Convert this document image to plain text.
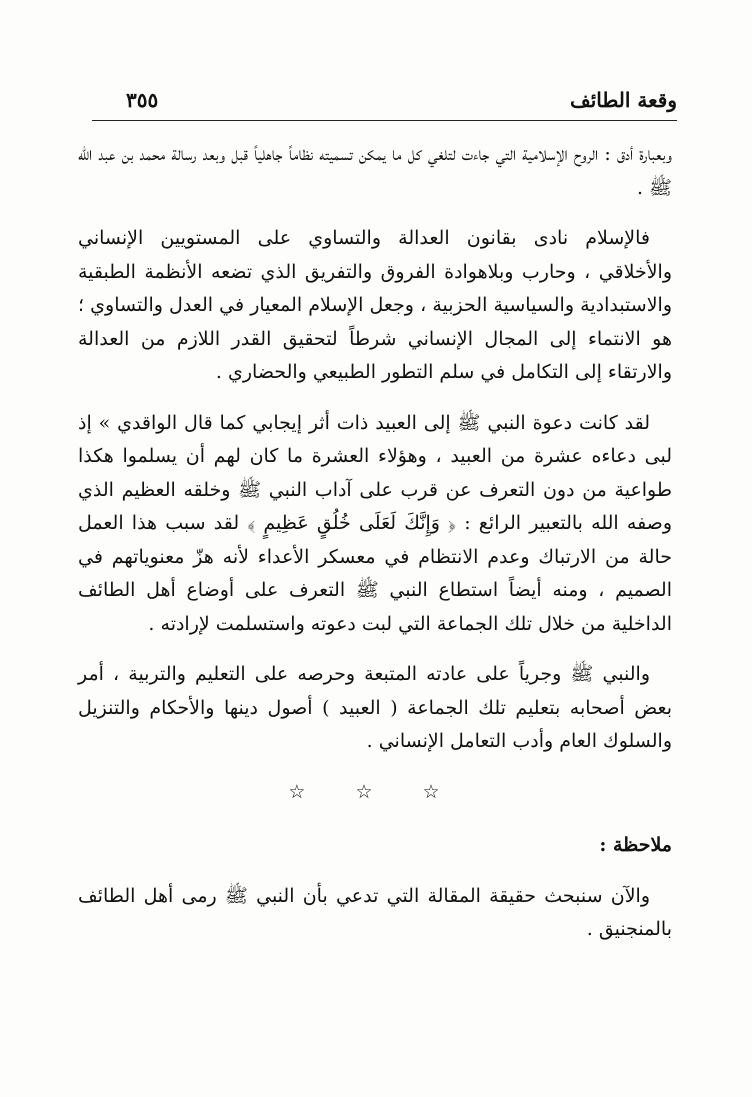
وقعة الطائف
٣٥٥

وبعبارة أدق : الروح الإسلامية التي جاءت لتلغي كل ما يمكن تسميته نظاماً جاهلياً قبل وبعد رسالة محمد بن عبد الله ﷺ .

فالإسلام نادى بقانون العدالة والتساوي على المستويين الإنساني والأخلاقي ، وحارب وبلاهوادة الفروق والتفريق الذي تضعه الأنظمة الطبقية والاستبدادية والسياسية الحزبية ، وجعل الإسلام المعيار في العدل والتساوي ؛ هو الانتماء إلى المجال الإنساني شرطاً لتحقيق القدر اللازم من العدالة والارتقاء إلى التكامل في سلم التطور الطبيعي والحضاري .

لقد كانت دعوة النبي ﷺ إلى العبيد ذات أثر إيجابي كما قال الواقدي » إذ لبى دعاءه عشرة من العبيد ، وهؤلاء العشرة ما كان لهم أن يسلموا هكذا طواعية من دون التعرف عن قرب على آداب النبي ﷺ وخلقه العظيم الذي وصفه الله بالتعبير الرائع : ﴿ وَإِنَّكَ لَعَلَى خُلُقٍ عَظِيمٍ ﴾ لقد سبب هذا العمل حالة من الارتباك وعدم الانتظام في معسكر الأعداء لأنه هزّ معنوياتهم في الصميم ، ومنه أيضاً استطاع النبي ﷺ التعرف على أوضاع أهل الطائف الداخلية من خلال تلك الجماعة التي لبت دعوته واستسلمت لإرادته .

والنبي ﷺ وجرياً على عادته المتبعة وحرصه على التعليم والتربية ، أمر بعض أصحابه بتعليم تلك الجماعة ( العبيد ) أصول دينها والأحكام والتنزيل والسلوك العام وأدب التعامل الإنساني .

☆ ☆ ☆

ملاحظة :

والآن سنبحث حقيقة المقالة التي تدعي بأن النبي ﷺ رمى أهل الطائف بالمنجنيق .
